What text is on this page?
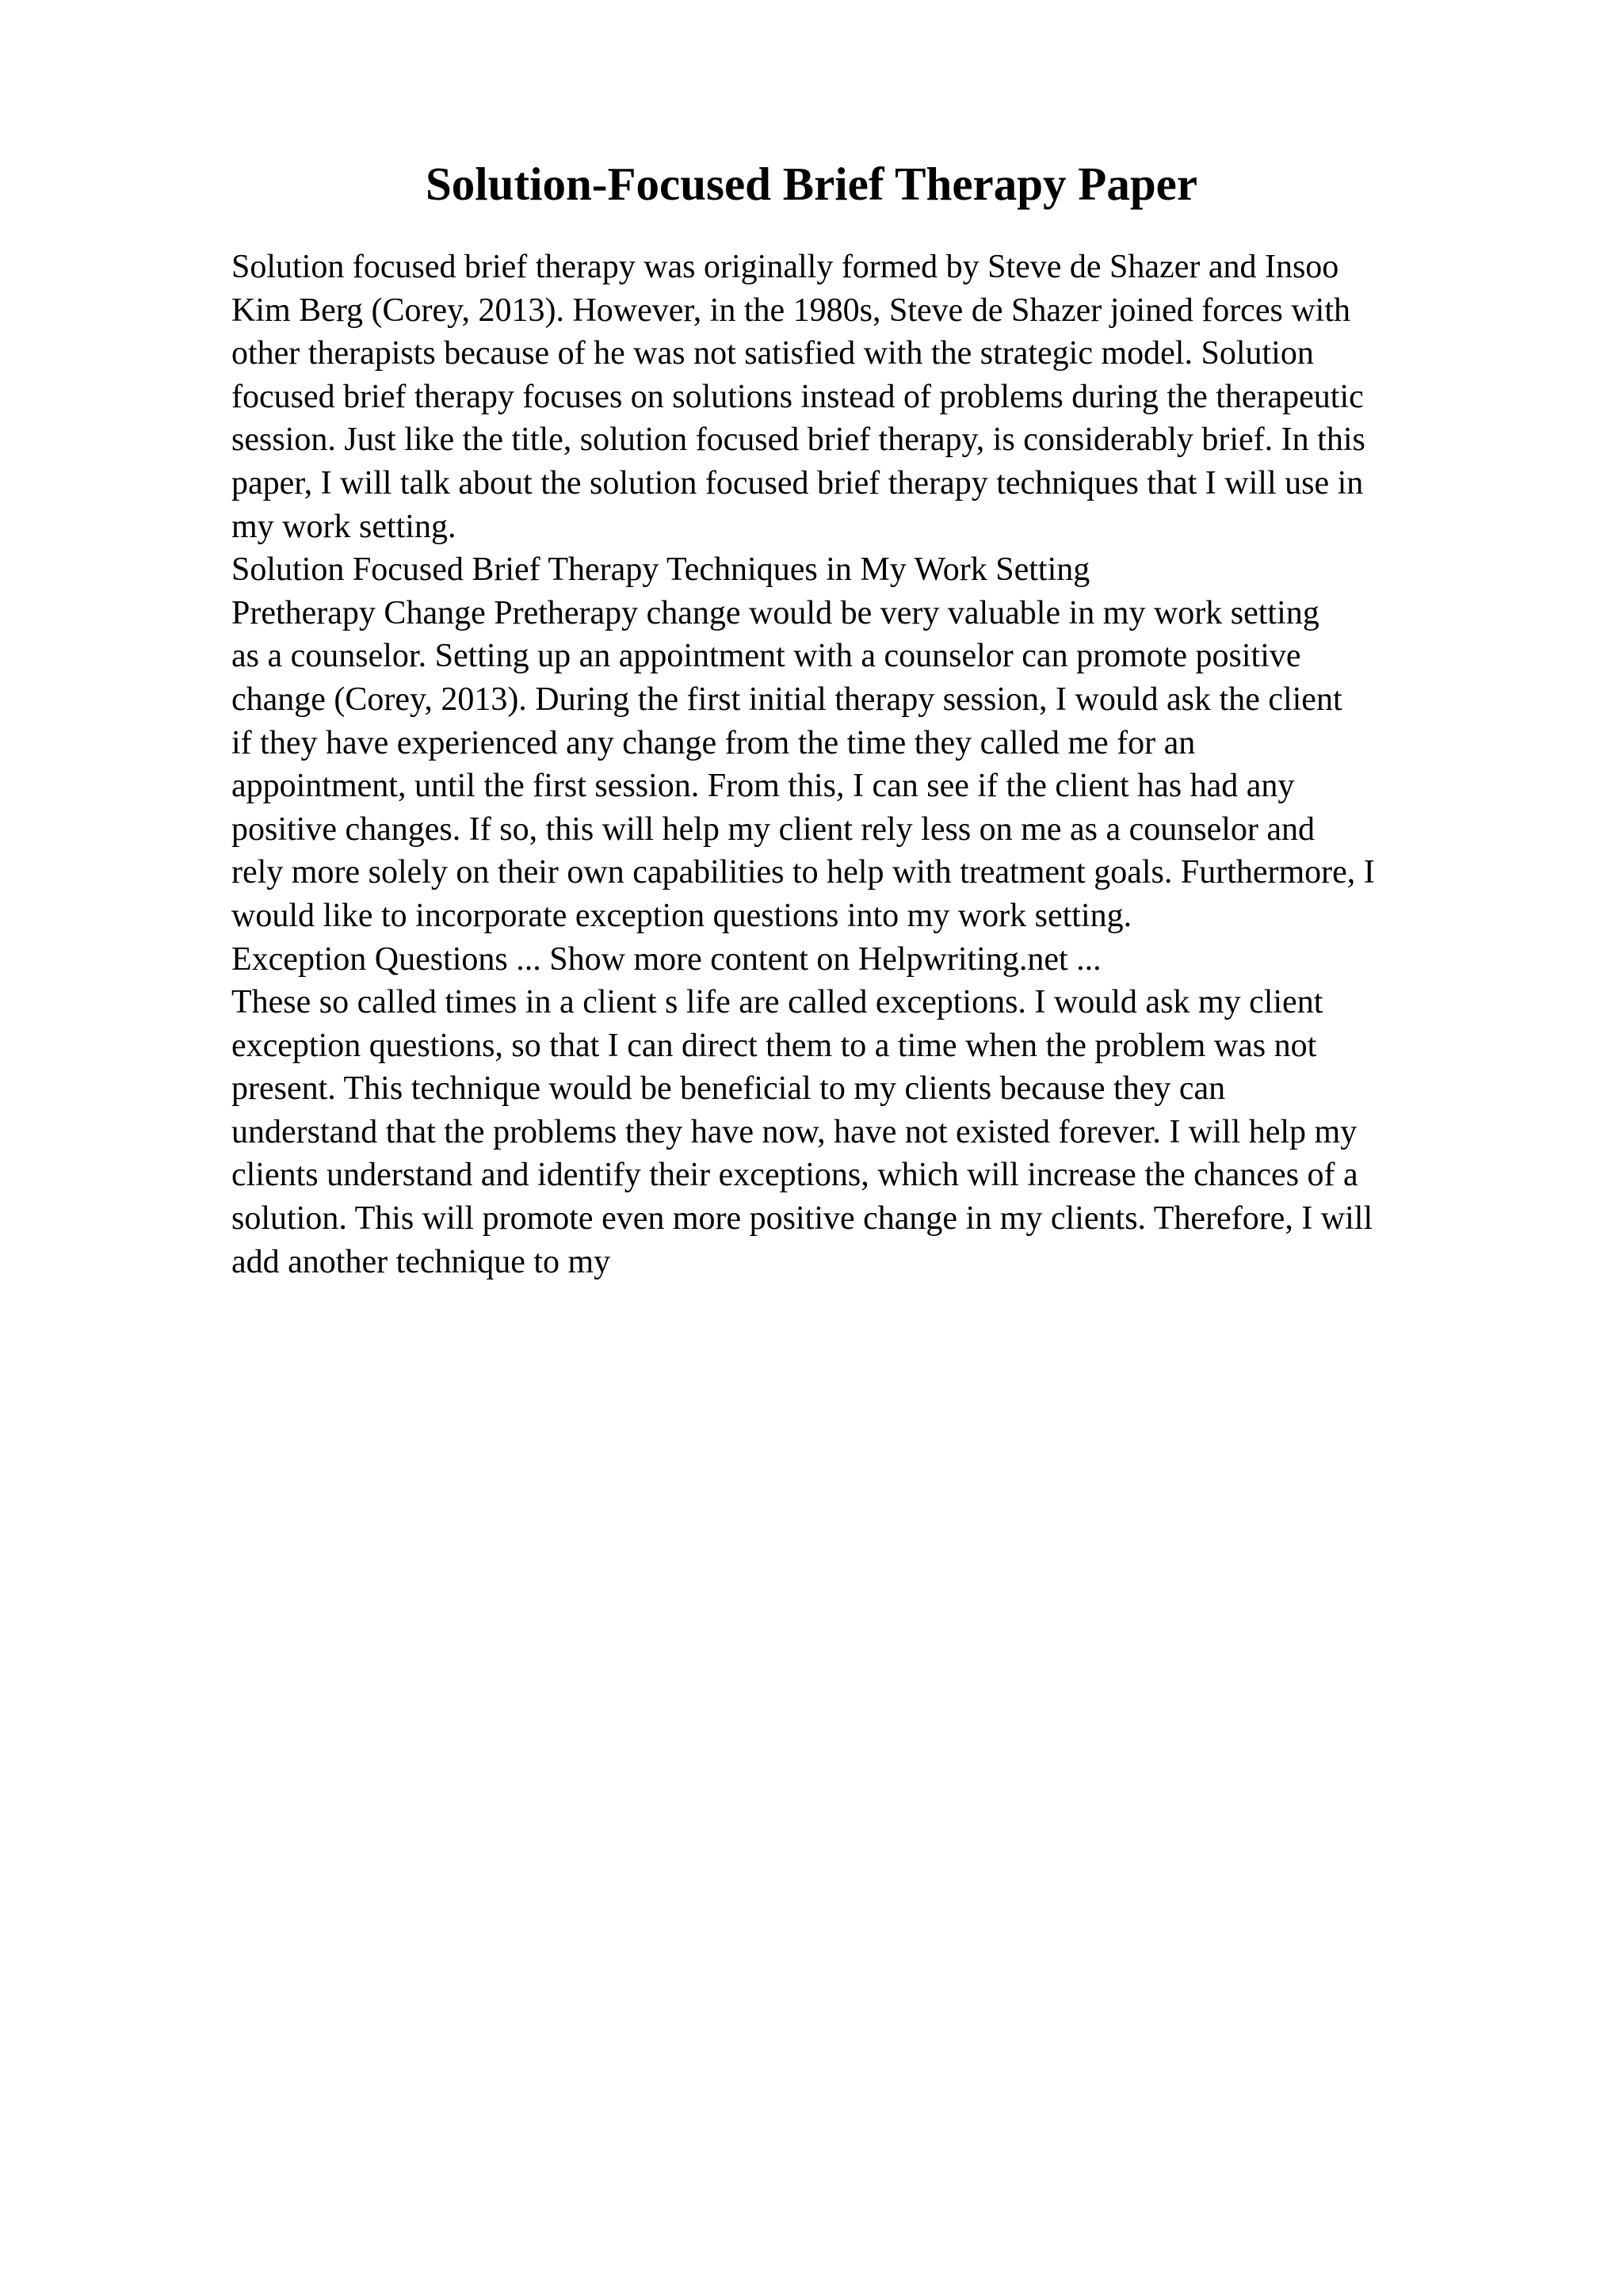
Solution-Focused Brief Therapy Paper
Solution focused brief therapy was originally formed by Steve de Shazer and Insoo
Kim Berg (Corey, 2013). However, in the 1980s, Steve de Shazer joined forces with
other therapists because of he was not satisfied with the strategic model. Solution
focused brief therapy focuses on solutions instead of problems during the therapeutic
session. Just like the title, solution focused brief therapy, is considerably brief. In this
paper, I will talk about the solution focused brief therapy techniques that I will use in
my work setting.
Solution Focused Brief Therapy Techniques in My Work Setting
Pretherapy Change Pretherapy change would be very valuable in my work setting
as a counselor. Setting up an appointment with a counselor can promote positive
change (Corey, 2013). During the first initial therapy session, I would ask the client
if they have experienced any change from the time they called me for an
appointment, until the first session. From this, I can see if the client has had any
positive changes. If so, this will help my client rely less on me as a counselor and
rely more solely on their own capabilities to help with treatment goals. Furthermore, I
would like to incorporate exception questions into my work setting.
Exception Questions ... Show more content on Helpwriting.net ...
These so called times in a client s life are called exceptions. I would ask my client
exception questions, so that I can direct them to a time when the problem was not
present. This technique would be beneficial to my clients because they can
understand that the problems they have now, have not existed forever. I will help my
clients understand and identify their exceptions, which will increase the chances of a
solution. This will promote even more positive change in my clients. Therefore, I will
add another technique to my
